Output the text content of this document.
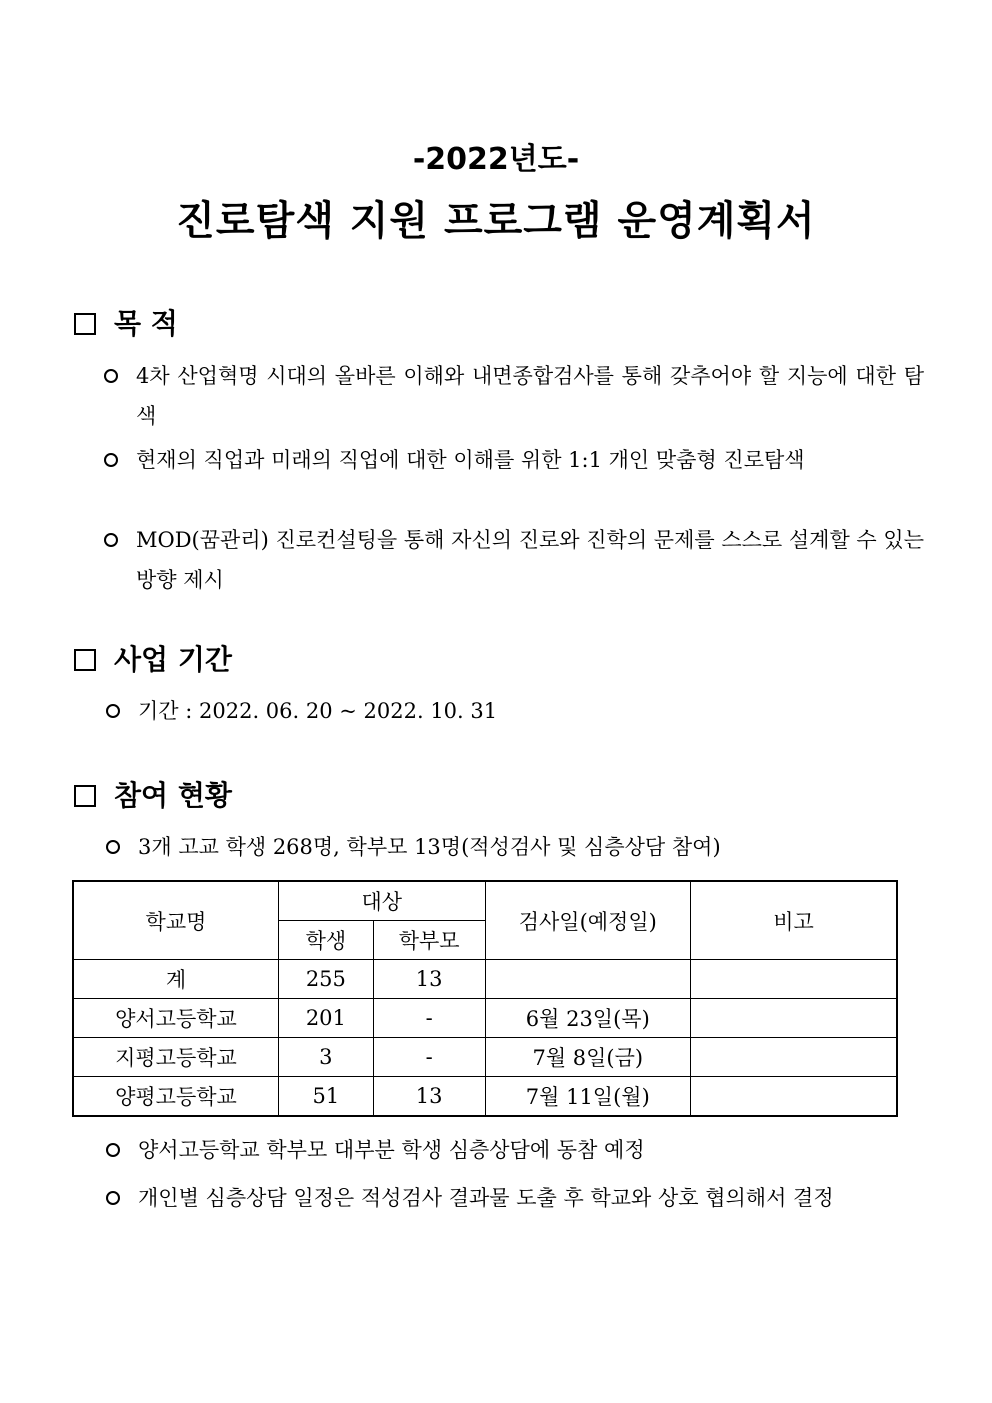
-2022년도-
진로탐색 지원 프로그램 운영계획서
목 적
4차 산업혁명 시대의 올바른 이해와 내면종합검사를 통해 갖추어야 할 지능에 대한 탐색
현재의 직업과 미래의 직업에 대한 이해를 위한 1:1 개인 맞춤형 진로탐색
MOD(꿈관리) 진로컨설팅을 통해 자신의 진로와 진학의 문제를 스스로 설계할 수 있는 방향 제시
사업 기간
기간 : 2022. 06. 20 ~ 2022. 10. 31
참여 현황
3개 고교 학생 268명, 학부모 13명(적성검사 및 심층상담 참여)
학교명	대상		검사일(예정일)	비고
	학생	학부모		
계	255	13		
양서고등학교	201	-	6월 23일(목)	
지평고등학교	3	-	7월 8일(금)	
양평고등학교	51	13	7월 11일(월)	
양서고등학교 학부모 대부분 학생 심층상담에 동참 예정
개인별 심층상담 일정은 적성검사 결과물 도출 후 학교와 상호 협의해서 결정
